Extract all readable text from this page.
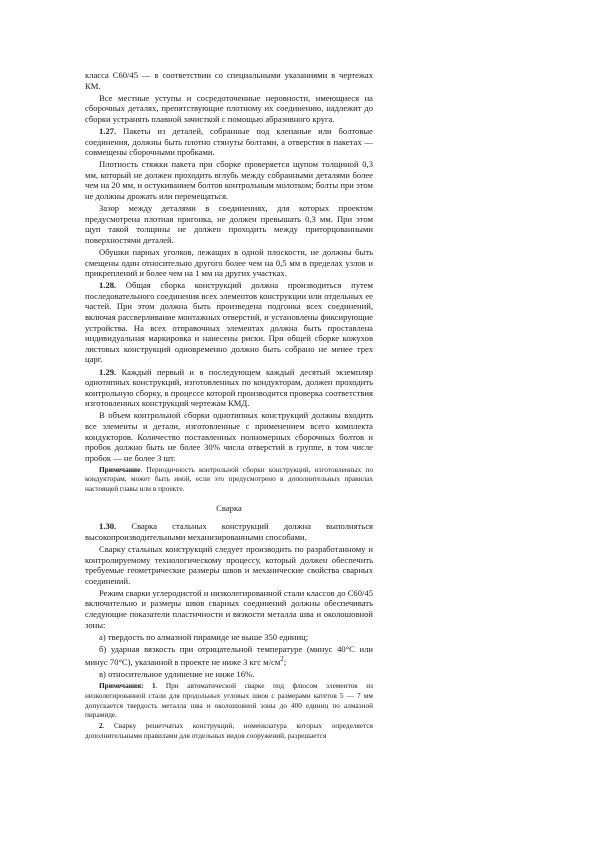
класса С60/45 — в соответствии со специальными указаниями в чертежах КМ.

Все местные уступы и сосредоточенные неровности, имеющиеся на сборочных деталях, препятствующие плотному их соединению, надлежит до сборки устранять плавной зачисткой с помощью абразивного круга.

1.27. Пакеты из деталей, собранные под клепаные или болтовые соединения, должны быть плотно стянуты болтами, а отверстия в пакетах — совмещены сборочными пробками.

Плотность стяжки пакета при сборке проверяется щупом толщиной 0,3 мм, который не должен проходить вглубь между собранными деталями более чем на 20 мм, и остукиванием болтов контрольным молотком; болты при этом не должны дрожать или перемещаться.

Зазор между деталями в соединениях, для которых проектом предусмотрена плотная пригонка, не должен превышать 0,3 мм. При этом щуп такой толщины не должен проходить между приторцованными поверхностями деталей.

Обушки парных уголков, лежащих в одной плоскости, не должны быть смещены один относительно другого более чем на 0,5 мм в пределах узлов и прикреплений и более чем на 1 мм на других участках.

1.28. Общая сборка конструкций должна производиться путем последовательного соединения всех элементов конструкции или отдельных ее частей. При этом должна быть произведена подгонка всех соединений, включая рассверливание монтажных отверстий, и установлены фиксирующие устройства. На всех отправочных элементах должна быть проставлена индивидуальная маркировка и нанесены риски. При общей сборке кожухов листовых конструкций одновременно должно быть собрано не менее трех царг.

1.29. Каждый первый и в последующем каждый десятый экземпляр однотипных конструкций, изготовленных по кондукторам, должен проходить контрольную сборку, в процессе которой производится проверка соответствия изготовленных конструкций чертежам КМД.

В объем контрольной сборки однотипных конструкций должны входить все элементы и детали, изготовленные с применением всего комплекта кондукторов. Количество поставленных полномерных сборочных болтов и пробок должно быть не более 30% числа отверстий в группе, в том числе пробок — не более 3 шт.

Примечание. Периодичность контрольной сборки конструкций, изготовленных по кондукторам, может быть иной, если это предусмотрено в дополнительных правилах настоящей главы или в проекте.

Сварка

1.30. Сварка стальных конструкций должна выполняться высокопроизводительными механизированными способами.

Сварку стальных конструкций следует производить по разработанному и контролируемому технологическому процессу, который должен обеспечить требуемые геометрические размеры швов и механические свойства сварных соединений.

Режим сварки углеродистой и низколегированной стали классов до С60/45 включительно и размеры швов сварных соединений должны обеспечивать следующие показатели пластичности и вязкости металла шва и околошовной зоны:

а) твердость по алмазной пирамиде не выше 350 единиц;

б) ударная вязкость при отрицательной температуре (минус 40°С или минус 70°С), указанной в проекте не ниже 3 кгс $м/см^2$;

в) относительное удлинение не ниже 16%.

Примечания: 1. При автоматической сварке под флюсом элементов из низколегированной стали для продольных угловых швов с размерами катетов 5 — 7 мм допускается твердость металла шва и околошовной зоны до 400 единиц по алмазной пирамиде.

2. Сварку решетчатых конструкций, номенклатура которых определяется дополнительными правилами для отдельных видов сооружений, разрешается
